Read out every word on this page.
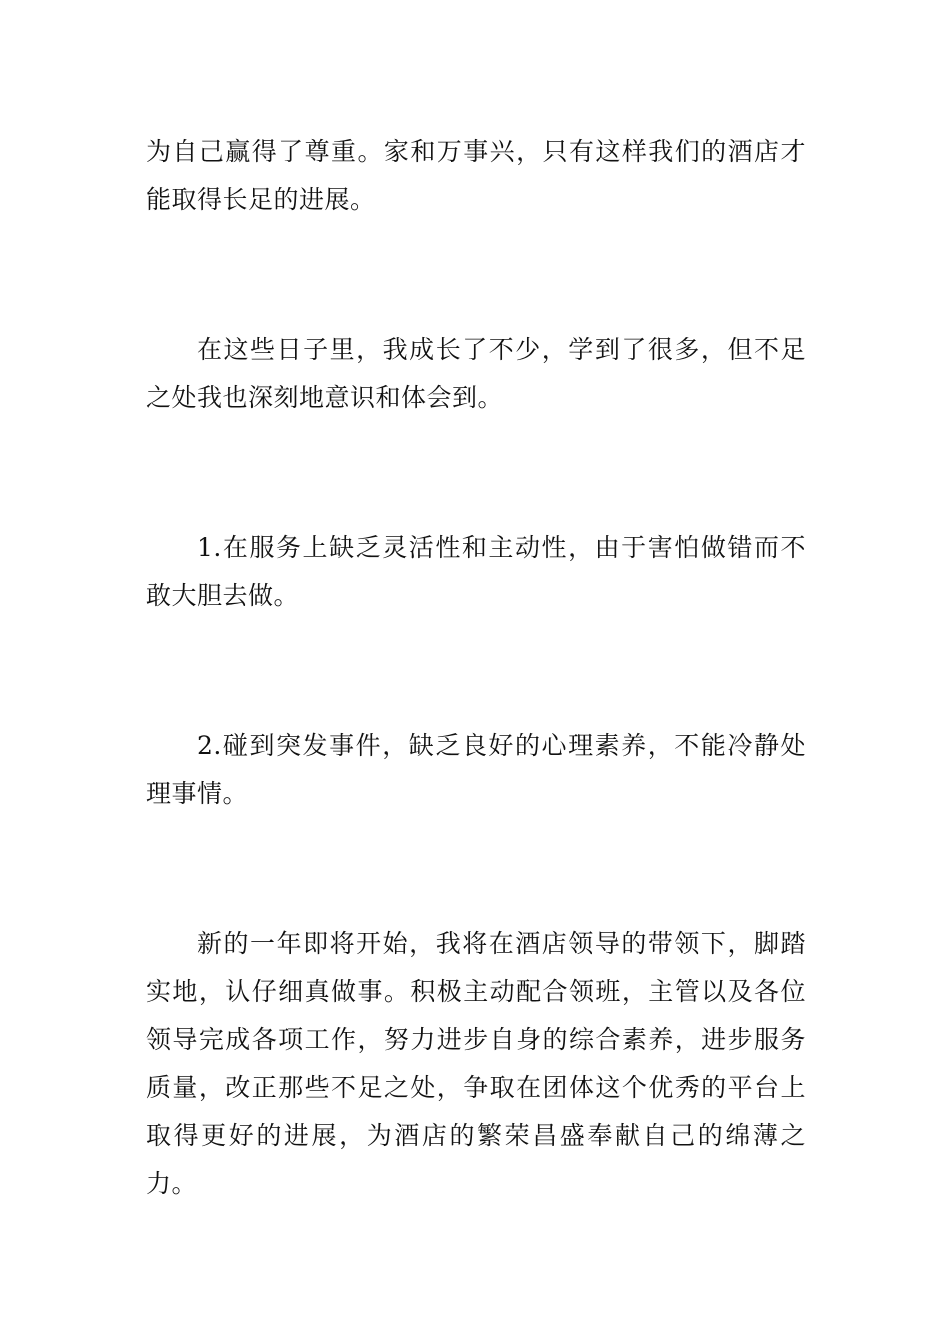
为自己赢得了尊重。家和万事兴，只有这样我们的酒店才能取得长足的进展。

在这些日子里，我成长了不少，学到了很多，但不足之处我也深刻地意识和体会到。

1.在服务上缺乏灵活性和主动性，由于害怕做错而不敢大胆去做。

2.碰到突发事件，缺乏良好的心理素养，不能冷静处理事情。

新的一年即将开始，我将在酒店领导的带领下，脚踏实地，认仔细真做事。积极主动配合领班，主管以及各位领导完成各项工作，努力进步自身的综合素养，进步服务质量，改正那些不足之处，争取在团体这个优秀的平台上取得更好的进展，为酒店的繁荣昌盛奉献自己的绵薄之力。
